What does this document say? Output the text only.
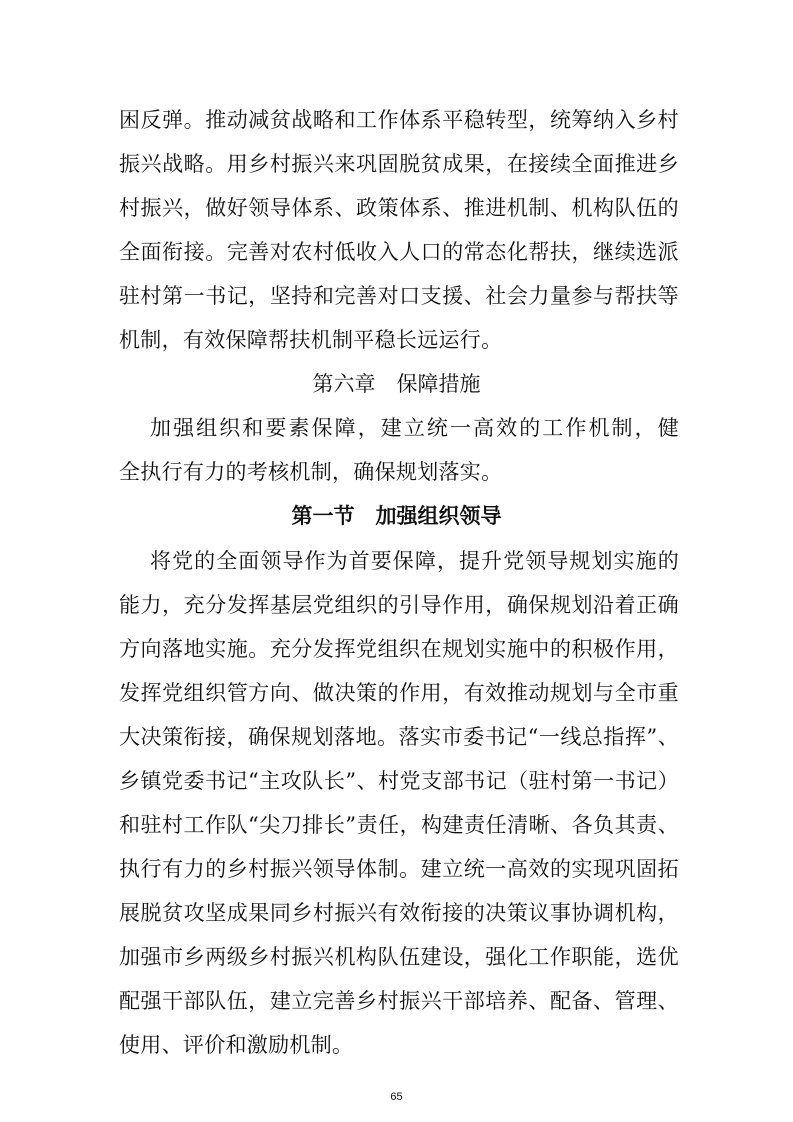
困反弹。推动减贫战略和工作体系平稳转型，统筹纳入乡村
振兴战略。用乡村振兴来巩固脱贫成果，在接续全面推进乡
村振兴，做好领导体系、政策体系、推进机制、机构队伍的
全面衔接。完善对农村低收入人口的常态化帮扶，继续选派
驻村第一书记，坚持和完善对口支援、社会力量参与帮扶等
机制，有效保障帮扶机制平稳长远运行。
第六章　保障措施
加强组织和要素保障，建立统一高效的工作机制，健
全执行有力的考核机制，确保规划落实。
第一节　加强组织领导
将党的全面领导作为首要保障，提升党领导规划实施的
能力，充分发挥基层党组织的引导作用，确保规划沿着正确
方向落地实施。充分发挥党组织在规划实施中的积极作用，
发挥党组织管方向、做决策的作用，有效推动规划与全市重
大决策衔接，确保规划落地。落实市委书记“一线总指挥”、
乡镇党委书记“主攻队长”、村党支部书记（驻村第一书记）
和驻村工作队“尖刀排长”责任，构建责任清晰、各负其责、
执行有力的乡村振兴领导体制。建立统一高效的实现巩固拓
展脱贫攻坚成果同乡村振兴有效衔接的决策议事协调机构，
加强市乡两级乡村振兴机构队伍建设，强化工作职能，选优
配强干部队伍，建立完善乡村振兴干部培养、配备、管理、
使用、评价和激励机制。
65
